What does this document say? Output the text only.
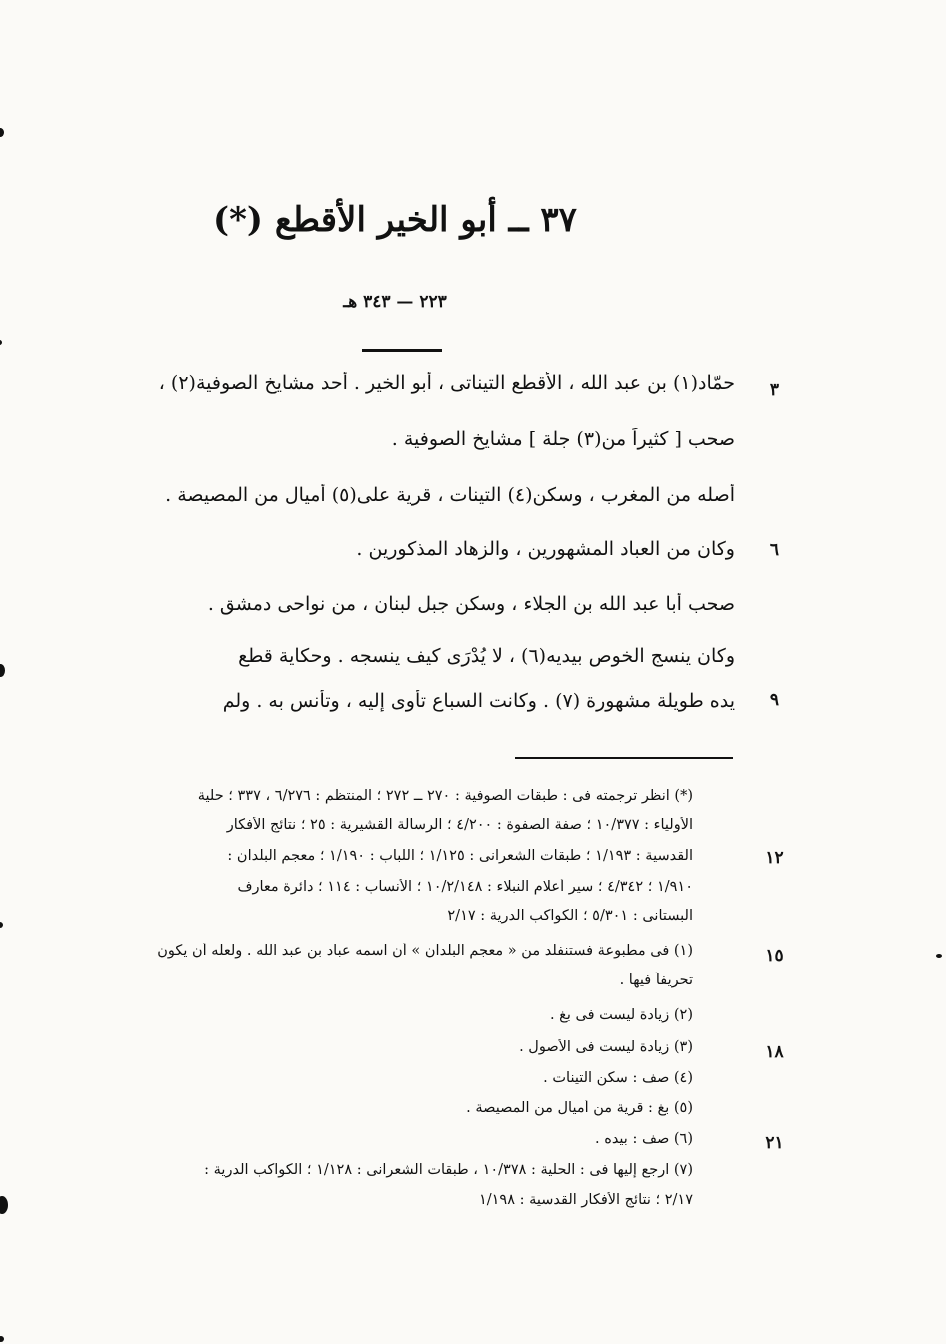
٣٧ ــ أبو الخير الأقطع (*)
٢٢٣ — ٣٤٣ هـ
حمّاد(١) بن عبد الله ، الأقطع التيناتى ، أبو الخير . أحد مشايخ الصوفية(٢) ،
صحب [ كثيراً من(٣) جلة ] مشايخ الصوفية .
أصله من المغرب ، وسكن(٤) التينات ، قرية على(٥) أميال من المصيصة .
وكان من العباد المشهورين ، والزهاد المذكورين .
صحب أبا عبد الله بن الجلاء ، وسكن جبل لبنان ، من نواحى دمشق .
وكان ينسج الخوص بيديه(٦) ، لا يُدْرَى كيف ينسجه . وحكاية قطع
يده طويلة مشهورة (٧) . وكانت السباع تأوى إليه ، وتأنس به . ولم
٣
٦
٩
١٢
١٥
١٨
٢١
(*) انظر ترجمته فى : طبقات الصوفية : ٢٧٠ ــ ٢٧٢ ؛ المنتظم : ٦/٢٧٦ ، ٣٣٧ ؛ حلية
الأولياء : ١٠/٣٧٧ ؛ صفة الصفوة : ٤/٢٠٠ ؛ الرسالة القشيرية : ٢٥ ؛ نتائج الأفكار
القدسية : ١/١٩٣ ؛ طبقات الشعرانى : ١/١٢٥ ؛ اللباب : ١/١٩٠ ؛ معجم البلدان :
١/٩١٠ ؛ ٤/٣٤٢ ؛ سير أعلام النبلاء : ١٠/٢/١٤٨ ؛ الأنساب : ١١٤ ؛ دائرة معارف
البستانى : ٥/٣٠١ ؛ الكواكب الدرية : ٢/١٧
(١) فى مطبوعة فستنفلد من « معجم البلدان » أن اسمه عباد بن عبد الله . ولعله أن يكون
تحريفاً فيها .
(٢) زيادة ليست فى بغ .
(٣) زيادة ليست فى الأصول .
(٤) صف : سكن التينات .
(٥) بغ : قرية من أميال من المصيصة .
(٦) صف : بيده .
(٧) ارجع إليها فى : الحلية : ١٠/٣٧٨ ، طبقات الشعرانى : ١/١٢٨ ؛ الكواكب الدرية :
٢/١٧ ؛ نتائج الأفكار القدسية : ١/١٩٨
